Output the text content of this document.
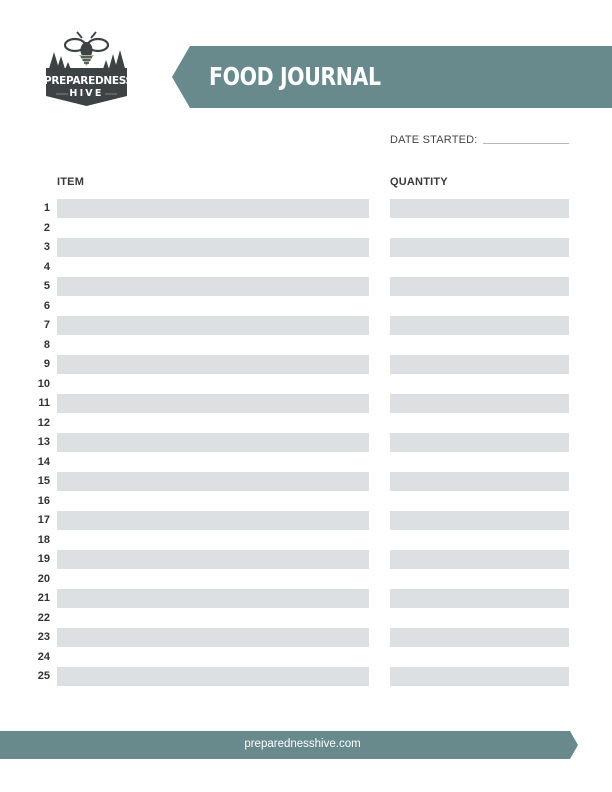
PREPAREDNESS
HIVE
FOOD JOURNAL
DATE STARTED:
ITEM	QUANTITY
1
2
3
4
5
6
7
8
9
10
11
12
13
14
15
16
17
18
19
20
21
22
23
24
25
preparednesshive.com
